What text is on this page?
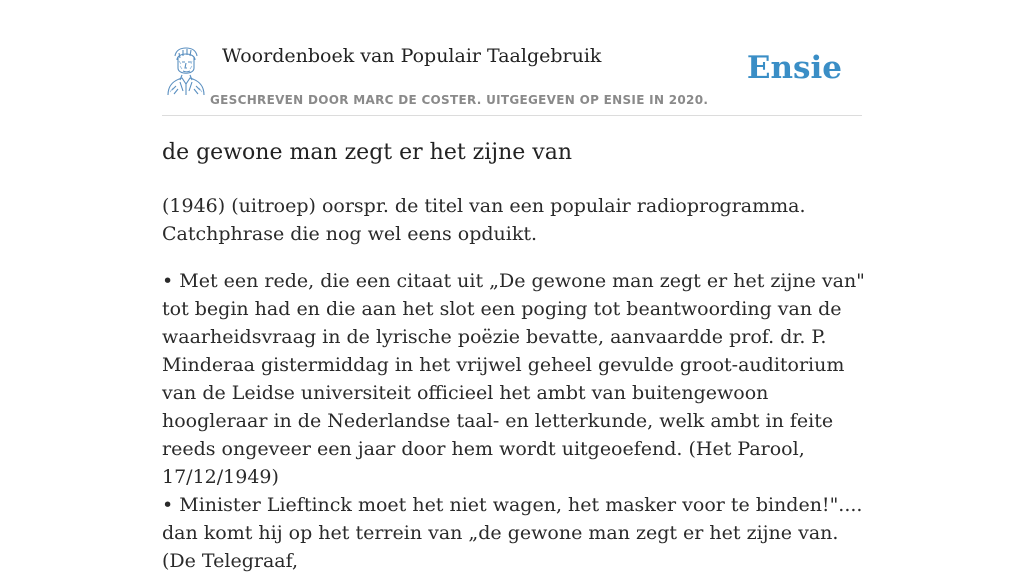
Woordenboek van Populair Taalgebruik
GESCHREVEN DOOR MARC DE COSTER. UITGEGEVEN OP ENSIE IN 2020.
Ensie
de gewone man zegt er het zijne van

(1946) (uitroep) oorspr. de titel van een populair radioprogramma. Catchphrase die nog wel eens opduikt.

• Met een rede, die een citaat uit „De gewone man zegt er het zijne van" tot begin had en die aan het slot een poging tot beantwoording van de waarheidsvraag in de lyrische poëzie bevatte, aanvaardde prof. dr. P. Minderaa gistermiddag in het vrijwel geheel gevulde groot-auditorium van de Leidse universiteit officieel het ambt van buitengewoon hoogleraar in de Nederlandse taal- en letterkunde, welk ambt in feite reeds ongeveer een jaar door hem wordt uitgeoefend. (Het Parool, 17/12/1949)
• Minister Lieftinck moet het niet wagen, het masker voor te binden!".... dan komt hij op het terrein van „de gewone man zegt er het zijne van. (De Telegraaf,
